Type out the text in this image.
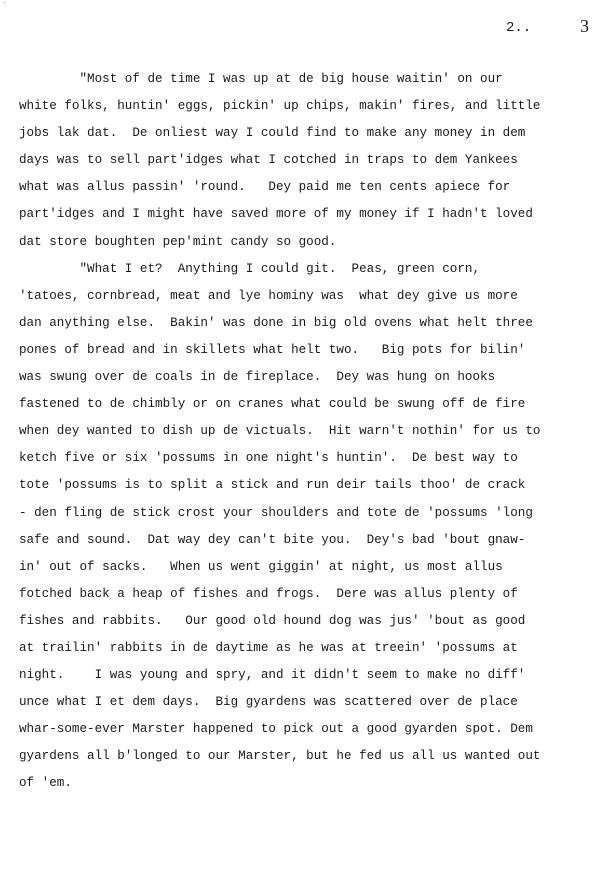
`
2..	3
"Most of de time I was up at de big house waitin' on our
white folks, huntin' eggs, pickin' up chips, makin' fires, and little
jobs lak dat.  De onliest way I could find to make any money in dem
days was to sell part'idges what I cotched in traps to dem Yankees
what was allus passin' 'round.   Dey paid me ten cents apiece for
part'idges and I might have saved more of my money if I hadn't loved
dat store boughten pep'mint candy so good.
"What I et?  Anything I could git.  Peas, green corn,
'tatoes, cornbread, meat and lye hominy was  what dey give us more
dan anything else.  Bakin' was done in big old ovens what helt three
pones of bread and in skillets what helt two.   Big pots for bilin'
was swung over de coals in de fireplace.  Dey was hung on hooks
fastened to de chimbly or on cranes what could be swung off de fire
when dey wanted to dish up de victuals.  Hit warn't nothin' for us to
ketch five or six 'possums in one night's huntin'.  De best way to
tote 'possums is to split a stick and run deir tails thoo' de crack
- den fling de stick crost your shoulders and tote de 'possums 'long
safe and sound.  Dat way dey can't bite you.  Dey's bad 'bout gnaw-
in' out of sacks.   When us went giggin' at night, us most allus
fotched back a heap of fishes and frogs.  Dere was allus plenty of
fishes and rabbits.   Our good old hound dog was jus' 'bout as good
at trailin' rabbits in de daytime as he was at treein' 'possums at
night.    I was young and spry, and it didn't seem to make no diff'
unce what I et dem days.  Big gyardens was scattered over de place
whar-some-ever Marster happened to pick out a good gyarden spot. Dem
gyardens all b'longed to our Marster, but he fed us all us wanted out
of 'em.
